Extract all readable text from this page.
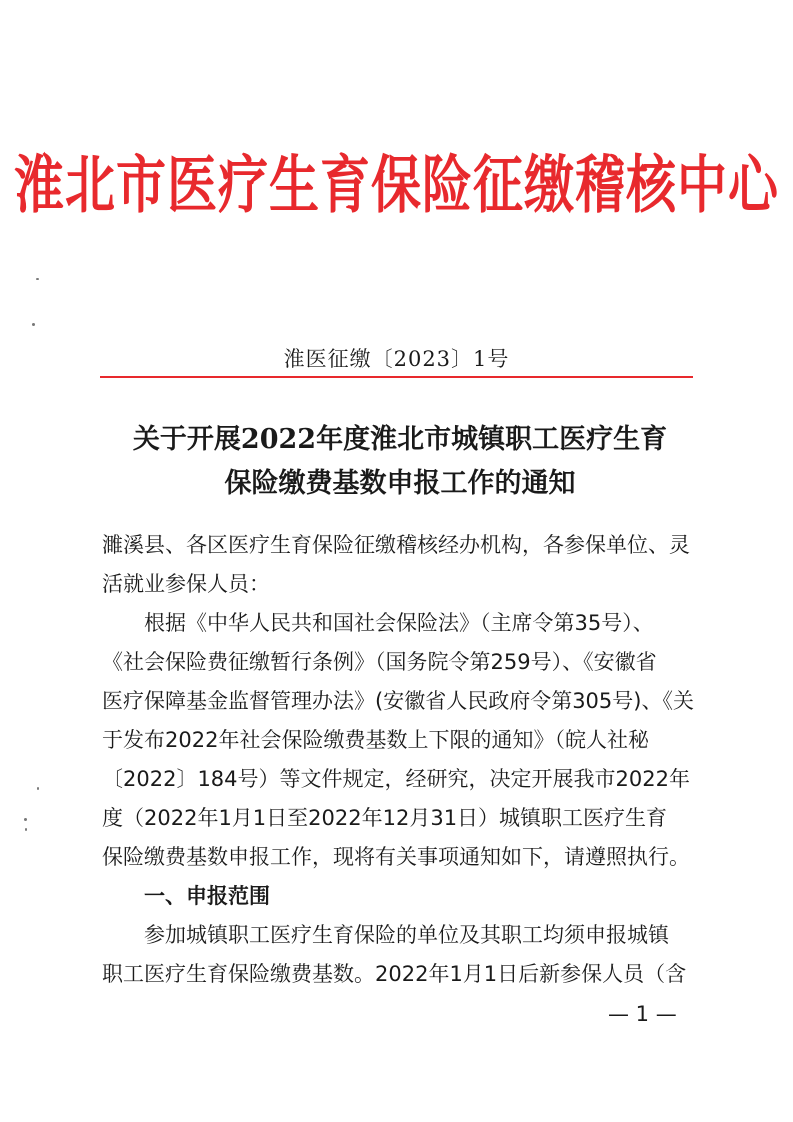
淮北市医疗生育保险征缴稽核中心
淮医征缴〔2023〕1号
关于开展2022年度淮北市城镇职工医疗生育
保险缴费基数申报工作的通知
濉溪县、各区医疗生育保险征缴稽核经办机构，各参保单位、灵
活就业参保人员：
根据《中华人民共和国社会保险法》（主席令第35号）、
《社会保险费征缴暂行条例》（国务院令第259号）、《安徽省
医疗保障基金监督管理办法》(安徽省人民政府令第305号)、《关
于发布2022年社会保险缴费基数上下限的通知》（皖人社秘
〔2022〕184号）等文件规定，经研究，决定开展我市2022年
度（2022年1月1日至2022年12月31日）城镇职工医疗生育
保险缴费基数申报工作，现将有关事项通知如下，请遵照执行。
一、申报范围
参加城镇职工医疗生育保险的单位及其职工均须申报城镇
职工医疗生育保险缴费基数。2022年1月1日后新参保人员（含
— 1 —
